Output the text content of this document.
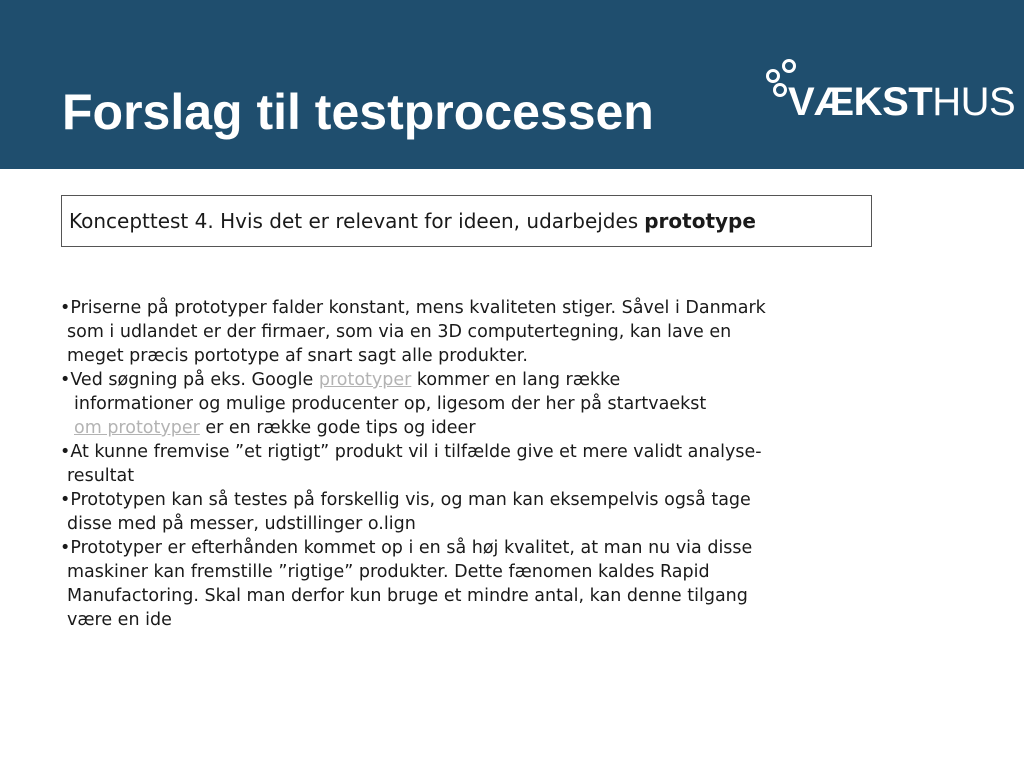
Forslag til testprocessen	VÆKSTHUS
Koncepttest 4. Hvis det er relevant for ideen, udarbejdes prototype
•Priserne på prototyper falder konstant, mens kvaliteten stiger. Såvel i Danmark
som i udlandet er der firmaer, som via en 3D computertegning, kan lave en
meget præcis portotype af snart sagt alle produkter.
•Ved søgning på eks. Google prototyper kommer en lang række
informationer og mulige producenter op, ligesom der her på startvaekst
om prototyper er en række gode tips og ideer
•At kunne fremvise ”et rigtigt” produkt vil i tilfælde give et mere validt analyse-
resultat
•Prototypen kan så testes på forskellig vis, og man kan eksempelvis også tage
disse med på messer, udstillinger o.lign
•Prototyper er efterhånden kommet op i en så høj kvalitet, at man nu via disse
maskiner kan fremstille ”rigtige” produkter. Dette fænomen kaldes Rapid
Manufactoring. Skal man derfor kun bruge et mindre antal, kan denne tilgang
være en ide
